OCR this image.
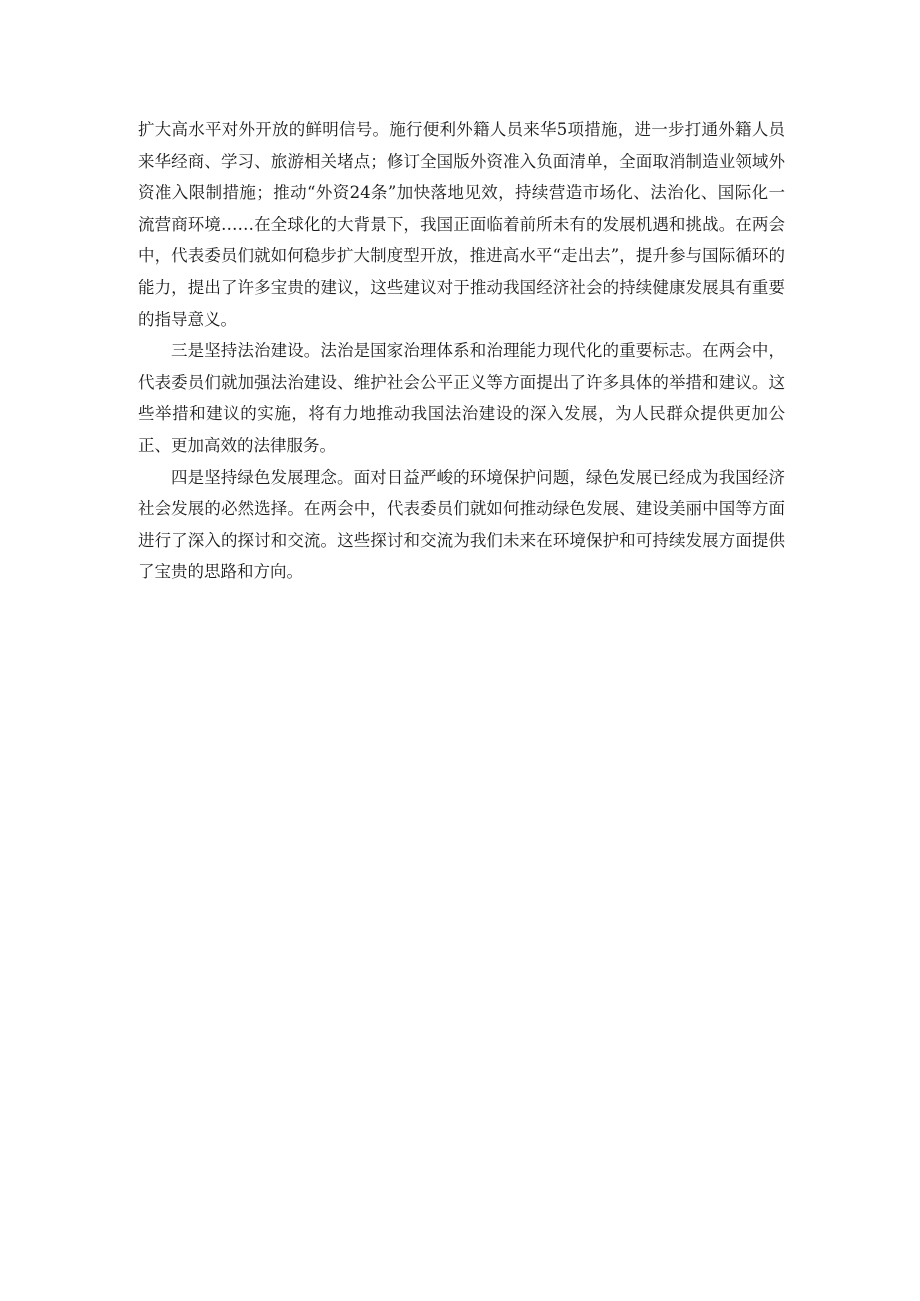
扩大高水平对外开放的鲜明信号。施行便利外籍人员来华5项措施，进一步打通外籍人员来华经商、学习、旅游相关堵点；修订全国版外资准入负面清单，全面取消制造业领域外资准入限制措施；推动“外资24条”加快落地见效，持续营造市场化、法治化、国际化一流营商环境……在全球化的大背景下，我国正面临着前所未有的发展机遇和挑战。在两会中，代表委员们就如何稳步扩大制度型开放，推进高水平“走出去”，提升参与国际循环的能力，提出了许多宝贵的建议，这些建议对于推动我国经济社会的持续健康发展具有重要的指导意义。

三是坚持法治建设。法治是国家治理体系和治理能力现代化的重要标志。在两会中，代表委员们就加强法治建设、维护社会公平正义等方面提出了许多具体的举措和建议。这些举措和建议的实施，将有力地推动我国法治建设的深入发展，为人民群众提供更加公正、更加高效的法律服务。

四是坚持绿色发展理念。面对日益严峻的环境保护问题，绿色发展已经成为我国经济社会发展的必然选择。在两会中，代表委员们就如何推动绿色发展、建设美丽中国等方面进行了深入的探讨和交流。这些探讨和交流为我们未来在环境保护和可持续发展方面提供了宝贵的思路和方向。
